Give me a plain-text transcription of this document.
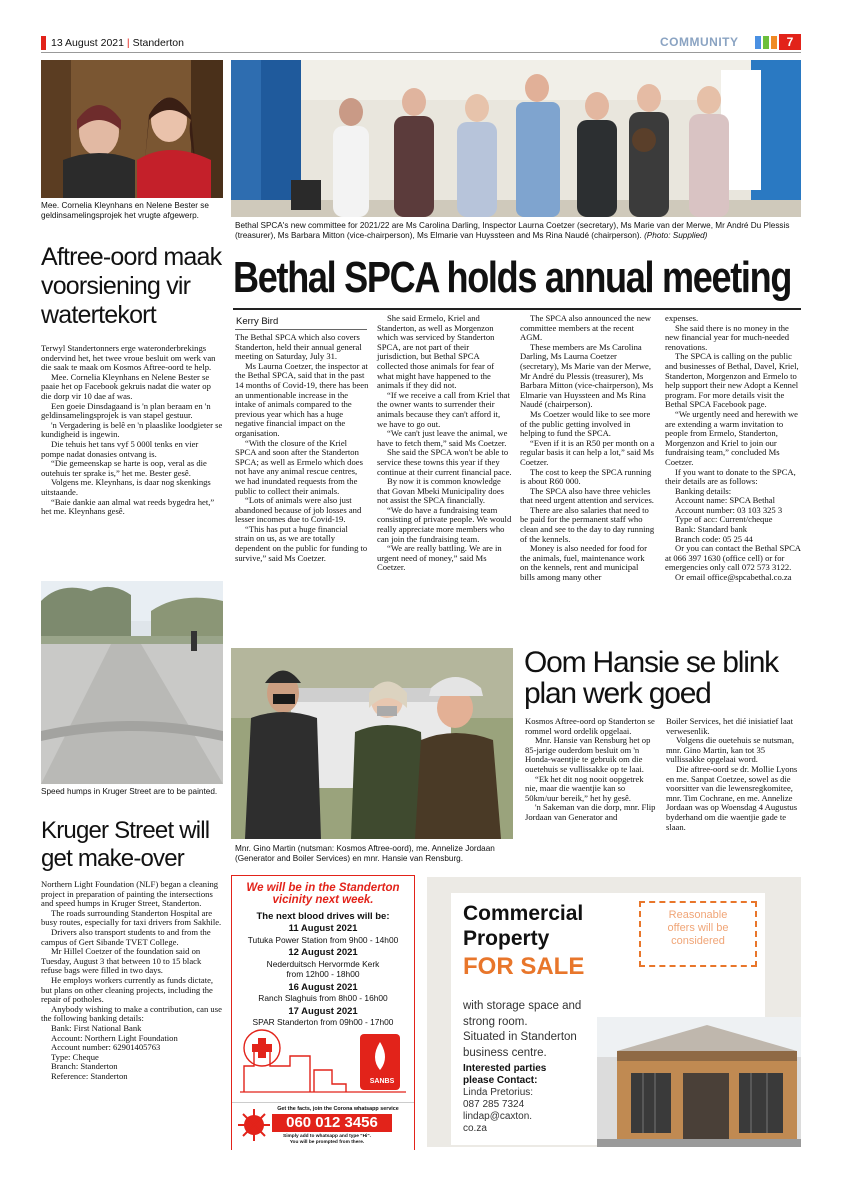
13 August 2021 | Standerton	COMMUNITY	7
Mee. Cornelia Kleynhans en Nelene Bester se geldinsamelingsprojek het vrugte afgewerp.
Bethal SPCA's new committee for 2021/22 are Ms Carolina Darling, Inspector Laurna Coetzer (secretary), Ms Marie van der Merwe, Mr André Du Plessis (treasurer), Ms Barbara Mitton (vice-chairperson), Ms Elmarie van Huyssteen and Ms Rina Naudé (chairperson). (Photo: Supplied)
Bethal SPCA holds annual meeting
Kerry Bird

The Bethal SPCA which also covers Standerton, held their annual general meeting on Saturday, July 31.

Ms Laurna Coetzer, the inspector at the Bethal SPCA, said that in the past 14 months of Covid-19, there has been an unmentionable increase in the intake of animals compared to the previous year which has a huge negative financial impact on the organisation.

“With the closure of the Kriel SPCA and soon after the Standerton SPCA; as well as Ermelo which does not have any animal rescue centres, we had inundated requests from the public to collect their animals.

“Lots of animals were also just abandoned because of job losses and lesser incomes due to Covid-19.

“This has put a huge financial strain on us, as we are totally dependent on the public for funding to survive,” said Ms Coetzer.

She said Ermelo, Kriel and Standerton, as well as Morgenzon which was serviced by Standerton SPCA, are not part of their jurisdiction, but Bethal SPCA collected those animals for fear of what might have happened to the animals if they did not.

“If we receive a call from Kriel that the owner wants to surrender their animals because they can't afford it, we have to go out.

“We can't just leave the animal, we have to fetch them,” said Ms Coetzer.

She said the SPCA won't be able to service these towns this year if they continue at their current financial pace.

By now it is common knowledge that Govan Mbeki Municipality does not assist the SPCA financially.

“We do have a fundraising team consisting of private people. We would really appreciate more members who can join the fundraising team.

“We are really battling. We are in urgent need of money,” said Ms Coetzer.

The SPCA also announced the new committee members at the recent AGM.

These members are Ms Carolina Darling, Ms Laurna Coetzer (secretary), Ms Marie van der Merwe, Mr André du Plessis (treasurer), Ms Barbara Mitton (vice-chairperson), Ms Elmarie van Huyssteen and Ms Rina Naudé (chairperson).

Ms Coetzer would like to see more of the public getting involved in helping to fund the SPCA.

“Even if it is an R50 per month on a regular basis it can help a lot,” said Ms Coetzer.

The cost to keep the SPCA running is about R60 000.

The SPCA also have three vehicles that need urgent attention and services.

There are also salaries that need to be paid for the permanent staff who clean and see to the day to day running of the kennels.

Money is also needed for food for the animals, fuel, maintenance work on the kennels, rent and municipal bills among many other

expenses.

She said there is no money in the new financial year for much-needed renovations.

The SPCA is calling on the public and businesses of Bethal, Davel, Kriel, Standerton, Morgenzon and Ermelo to help support their new Adopt a Kennel program. For more details visit the Bethal SPCA Facebook page.

“We urgently need and herewith we are extending a warm invitation to people from Ermelo, Standerton, Morgenzon and Kriel to join our fundraising team,” concluded Ms Coetzer.

If you want to donate to the SPCA, their details are as follows:

Banking details:

Account name: SPCA Bethal

Account number: 03 103 325 3

Type of acc: Current/cheque

Bank: Standard bank

Branch code: 05 25 44

Or you can contact the Bethal SPCA at 066 397 1630 (office cell) or for emergencies only call 072 573 3122.

Or email office@spcabethal.co.za

Aftree-oord maak voorsiening vir watertekort

Terwyl Standertonners erge wateronderbrekings ondervind het, het twee vroue besluit om werk van die saak te maak om Kosmos Aftree-oord te help.

Mee. Cornelia Kleynhans en Nelene Bester se paaie het op Facebook gekruis nadat die water op die dorp vir 10 dae af was.

Een goeie Dinsdagaand is 'n plan beraam en 'n geldinsamelingsprojek is van stapel gestuur.

'n Vergadering is belê en 'n plaaslike loodgieter se kundigheid is ingewin.

Die tehuis het tans vyf 5 000l tenks en vier pompe nadat donasies ontvang is.

“Die gemeenskap se harte is oop, veral as die outehuis ter sprake is,” het me. Bester gesê.

Volgens me. Kleynhans, is daar nog skenkings uitstaande.

“Baie dankie aan almal wat reeds bygedra het,” het me. Kleynhans gesê.

Speed humps in Kruger Street are to be painted.
Kruger Street will get make-over

Northern Light Foundation (NLF) began a cleaning project in preparation of painting the intersections and speed humps in Kruger Street, Standerton.

The roads surrounding Standerton Hospital are busy routes, especially for taxi drivers from Sakhile.

Drivers also transport students to and from the campus of Gert Sibande TVET College.

Mr Hillel Coetzer of the foundation said on Tuesday, August 3 that between 10 to 15 black refuse bags were filled in two days.

He employs workers currently as funds dictate, but plans on other cleaning projects, including the repair of potholes.

Anybody wishing to make a contribution, can use the following banking details:

Bank: First National Bank

Account: Northern Light Foundation

Account number: 62901405763

Type: Cheque

Branch: Standerton

Reference: Standerton

Mnr. Gino Martin (nutsman: Kosmos Aftree-oord), me. Annelize Jordaan (Generator and Boiler Services) en mnr. Hansie van Rensburg.
Oom Hansie se blink plan werk goed

Kosmos Aftree-oord op Standerton se rommel word ordelik opgelaai.

Mnr. Hansie van Rensburg het op 85-jarige ouderdom besluit om 'n Honda-waentjie te gebruik om die ouetehuis se vullissakke op te laai.

“Ek het dit nog nooit oopgetrek nie, maar die waentjie kan so 50km/uur bereik,” het hy gesê.

'n Sakeman van die dorp, mnr. Flip Jordaan van Generator and

Boiler Services, het dié inisiatief laat verwesenlik.

Volgens die ouetehuis se nutsman, mnr. Gino Martin, kan tot 35 vullissakke opgelaai word.

Die aftree-oord se dr. Mollie Lyons en me. Sanpat Coetzee, sowel as die voorsitter van die lewensregkomitee, mnr. Tim Cochrane, en me. Annelize Jordaan was op Woensdag 4 Augustus byderhand om die waentjie gade te slaan.

We will be in the Standerton
vicinity next week.
The next blood drives will be:
11 August 2021
Tutuka Power Station from 9h00 - 14h00
12 August 2021
Nederduitsch Hervormde Kerk
from 12h00 - 18h00
16 August 2021
Ranch Slaghuis from 8h00 - 16h00
17 August 2021
SPAR Standerton from 09h00 - 17h00
SANBS
Get the facts, join the Corona whatsapp service
060 012 3456
Simply add to whatsapp and type "Hi".
You will be prompted from there.
Commercial
Property
FOR SALE
Reasonable
offers will be
considered
with storage space and
strong room.
Situated in Standerton
business centre.
Interested parties
please Contact:
Linda Pretorius:
087 285 7324
lindap@caxton.
co.za
